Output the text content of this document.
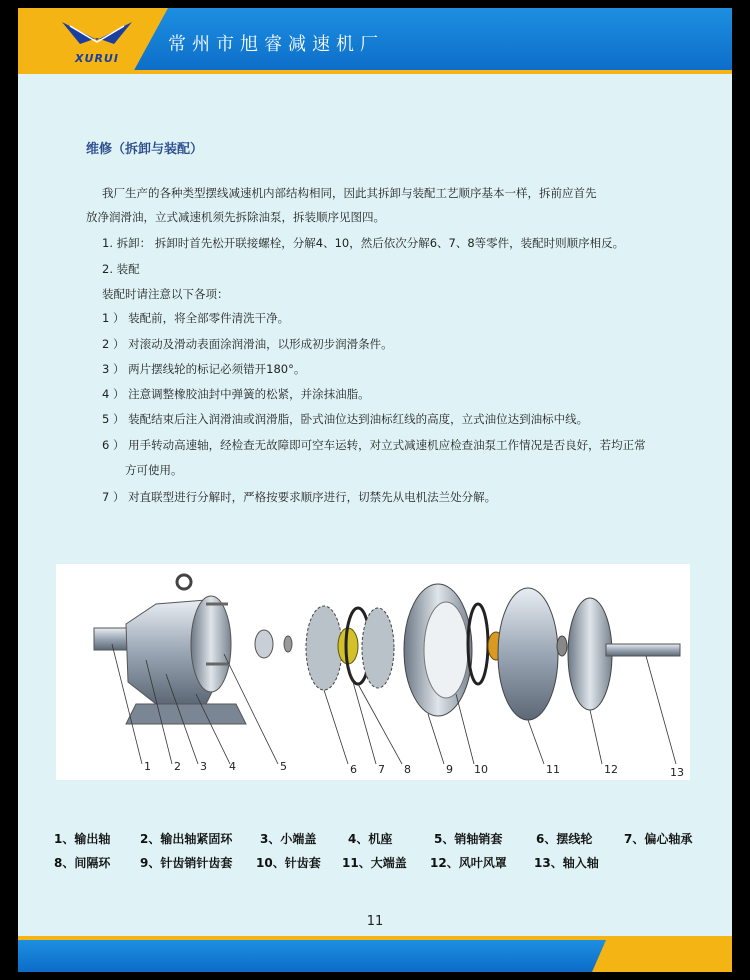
XURUI
常州市旭睿减速机厂
维修（拆卸与装配）
我厂生产的各种类型摆线减速机内部结构相同，因此其拆卸与装配工艺顺序基本一样，拆前应首先
放净润滑油，立式减速机须先拆除油泵，拆装顺序见图四。
1. 拆卸： 拆卸时首先松开联接螺栓，分解4、10，然后依次分解6、7、8等零件，装配时则顺序相反。
2. 装配
装配时请注意以下各项：
1 ） 装配前，将全部零件清洗干净。
2 ） 对滚动及滑动表面涂润滑油，以形成初步润滑条件。
3 ） 两片摆线轮的标记必须错开180°。
4 ） 注意调整橡胶油封中弹簧的松紧，并涂抹油脂。
5 ） 装配结束后注入润滑油或润滑脂，卧式油位达到油标红线的高度，立式油位达到油标中线。
6 ） 用手转动高速轴，经检查无故障即可空车运转，对立式减速机应检查油泵工作情况是否良好，若均正常
方可使用。
7 ） 对直联型进行分解时，严格按要求顺序进行，切禁先从电机法兰处分解。
1 2 3 4	5	6 7 8	9 10	11	12	13
1、输出轴 2、输出轴紧固环 3、小端盖	4、机座	5、销轴销套	6、摆线轮	7、偏心轴承
8、间隔环 9、针齿销针齿套 10、针齿套 11、大端盖 12、风叶风罩 13、轴入轴
11
